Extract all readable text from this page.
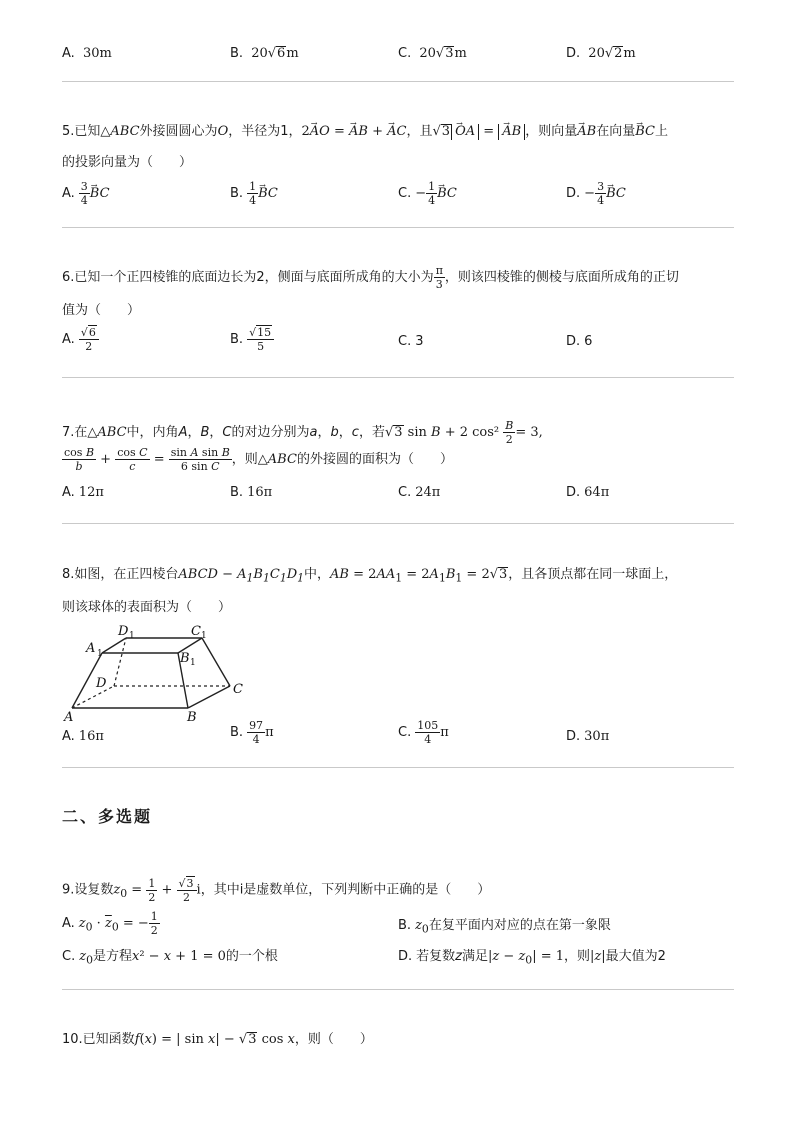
A. 30m	B. 20√6m	C. 20√3m	D. 20√2m
5.已知△ABC外接圆圆心为O，半径为1，2AO → = AB → + AC →，且√3 OA → = AB → ，则向量AB →在向量BC →上
的投影向量为（　　）
A. $\frac{3}{4}$ BC →	B. $\frac{1}{4}$ BC →	C. − $\frac{1}{4}$ BC →	D. − $\frac{3}{4}$ BC →
6.已知一个正四棱锥的底面边长为2，侧面与底面所成角的大小为 $\frac{\pi}{3}$ ，则该四棱锥的侧棱与底面所成角的正切
值为（　　）
A. $\frac{√6}{2}$	B. $\frac{√15}{5}$	C. 3	D. 6
7.在△ABC中，内角A，B，C的对边分别为a，b，c，若√3 sin B + 2 $\cos^2 \frac{B}{2} = 3$,
$\frac{\text{cos B}}{b} + \frac{\text{cos C}}{c} = \frac{\text{sin A sin B}}{\text{6 sin C}}$ ，则△ABC的外接圆的面积为（　　）
A. 12π	B. 16π	C. 24π	D. 64π
8.如图，在正四棱台ABCD − $A_1B_1C_1D_1$中，AB = $2AA_1 = 2A_1B_1 = 2√3$，且各顶点都在同一球面上，
则该球体的表面积为（　　）
A	B
C
D
A 1	B 1
D 1	C 1
A. 16π	B. $\frac{97}{4}$ π	C. $\frac{105}{4}$ π	D. 30π
二、多选题
9.设复数$z_0 = \frac{1}{2} + \frac{√3}{2}$ i，其中i是虚数单位，下列判断中正确的是（　　）
A. $z_0 \cdot \overline{z}_0$ = − $\frac{1}{2}$	B. $z_0$在复平面内对应的点在第一象限
C. $z_0$是方程x² − x + 1 = 0的一个根	D. 若复数z满足$|z - z_0| = 1$，则|z|最大值为2
10.已知函数f(x) = | sin x| − √3 cos x，则（　　）
